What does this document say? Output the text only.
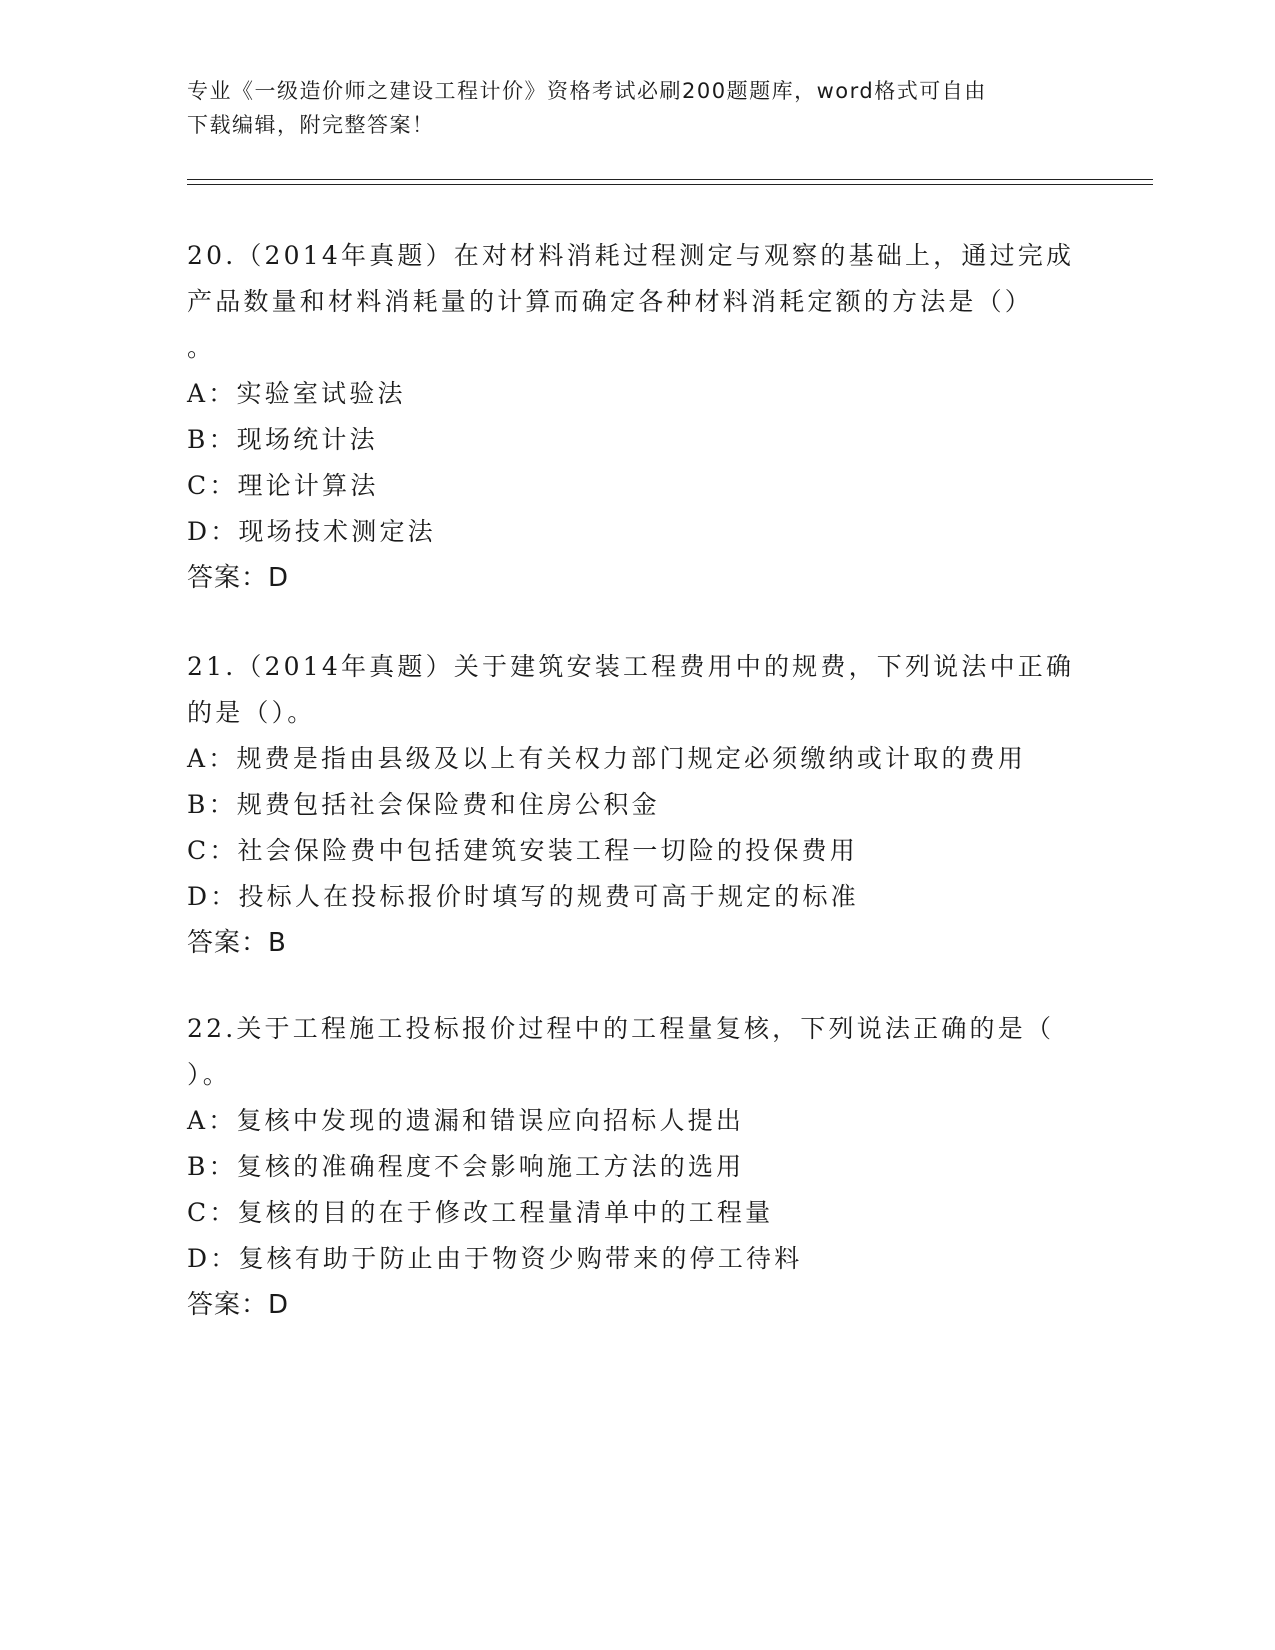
专业《一级造价师之建设工程计价》资格考试必刷200题题库，word格式可自由
下载编辑，附完整答案！

20.（2014年真题）在对材料消耗过程测定与观察的基础上，通过完成

产品数量和材料消耗量的计算而确定各种材料消耗定额的方法是（）

。

A：实验室试验法

B：现场统计法

C：理论计算法

D：现场技术测定法

答案：D

21.（2014年真题）关于建筑安装工程费用中的规费，下列说法中正确

的是（）。

A：规费是指由县级及以上有关权力部门规定必须缴纳或计取的费用

B：规费包括社会保险费和住房公积金

C：社会保险费中包括建筑安装工程一切险的投保费用

D：投标人在投标报价时填写的规费可高于规定的标准

答案：B

22.关于工程施工投标报价过程中的工程量复核，下列说法正确的是（

）。

A：复核中发现的遗漏和错误应向招标人提出

B：复核的准确程度不会影响施工方法的选用

C：复核的目的在于修改工程量清单中的工程量

D：复核有助于防止由于物资少购带来的停工待料

答案：D
